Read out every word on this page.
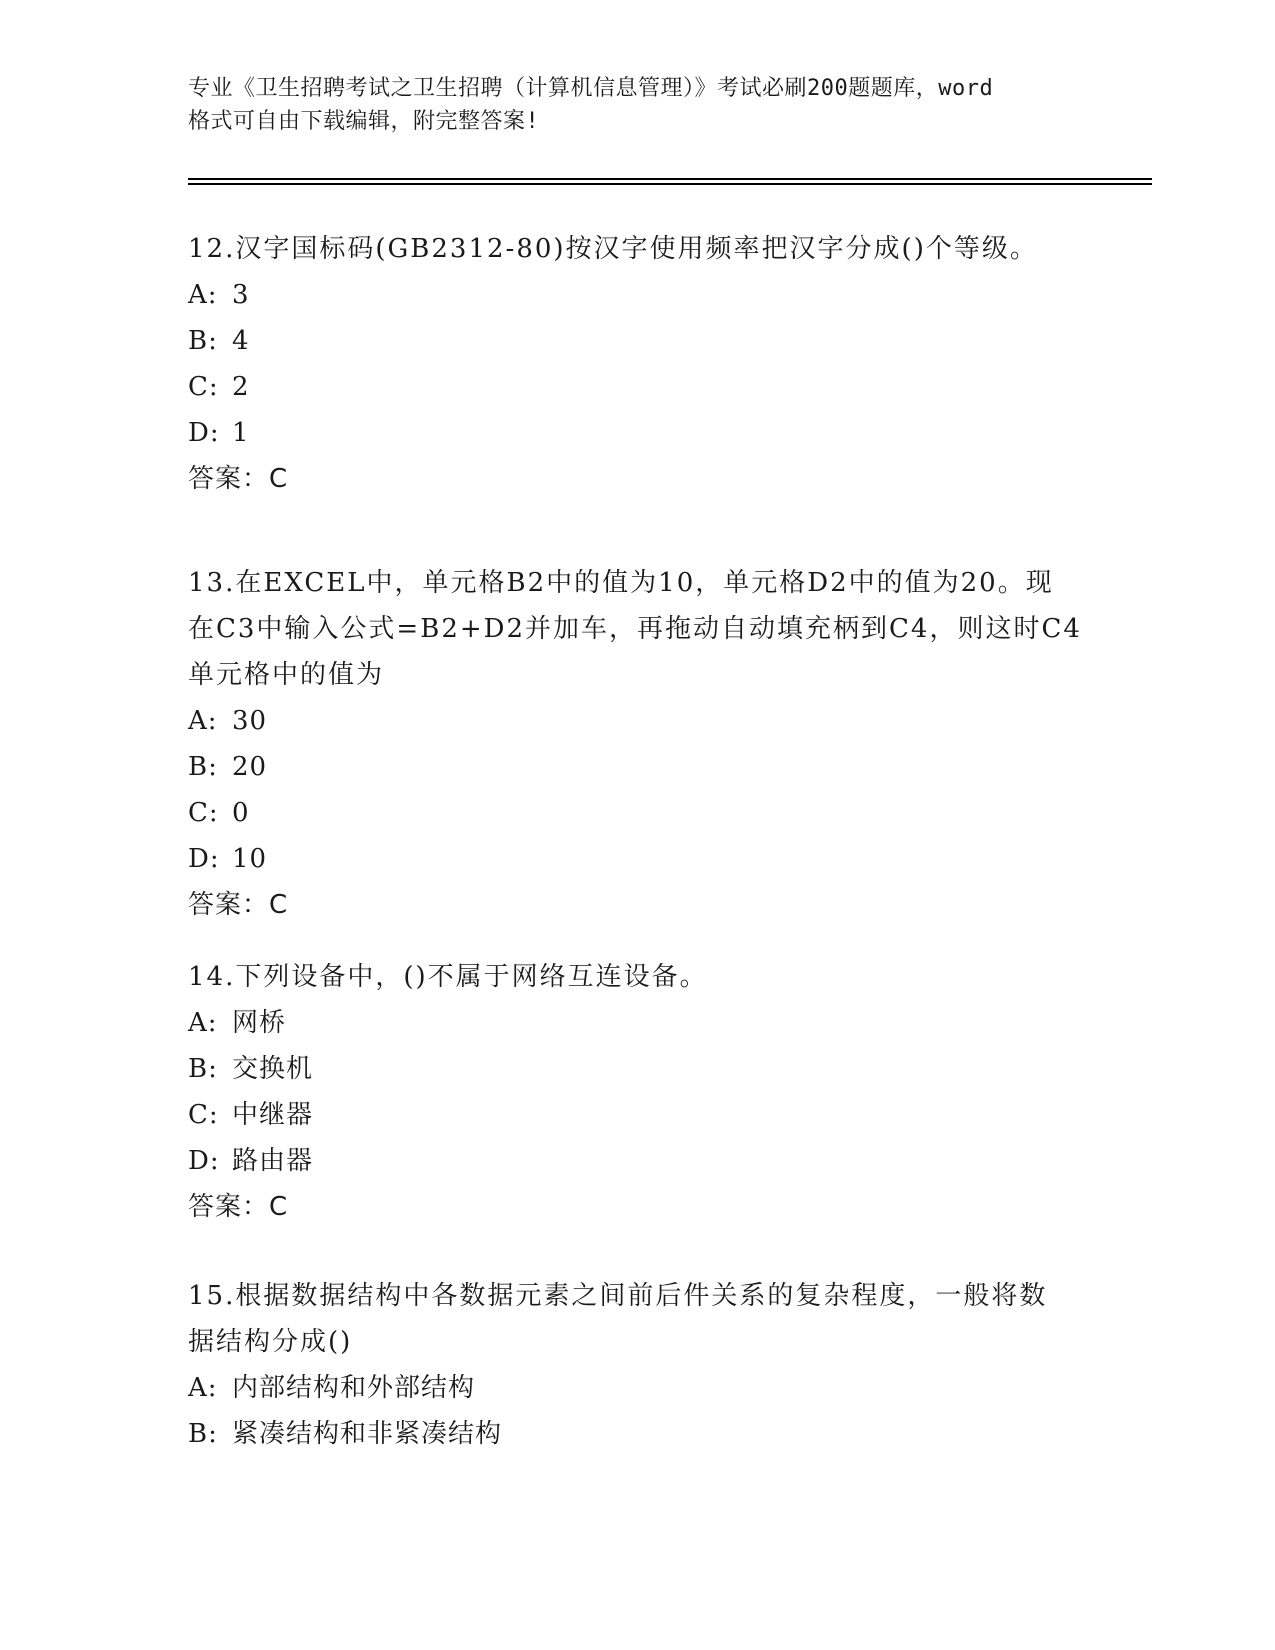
专业《卫生招聘考试之卫生招聘（计算机信息管理）》考试必刷200题题库，word
格式可自由下载编辑，附完整答案!
12.汉字国标码(GB2312-80)按汉字使用频率把汉字分成()个等级。
A: 3
B: 4
C: 2
D: 1
答案：C
13.在EXCEL中，单元格B2中的值为10，单元格D2中的值为20。现
在C3中输入公式=B2+D2并加车，再拖动自动填充柄到C4，则这时C4
单元格中的值为
A: 30
B: 20
C: 0
D: 10
答案：C
14.下列设备中，()不属于网络互连设备。
A: 网桥
B: 交换机
C: 中继器
D: 路由器
答案：C
15.根据数据结构中各数据元素之间前后件关系的复杂程度，一般将数
据结构分成()
A: 内部结构和外部结构
B: 紧凑结构和非紧凑结构
